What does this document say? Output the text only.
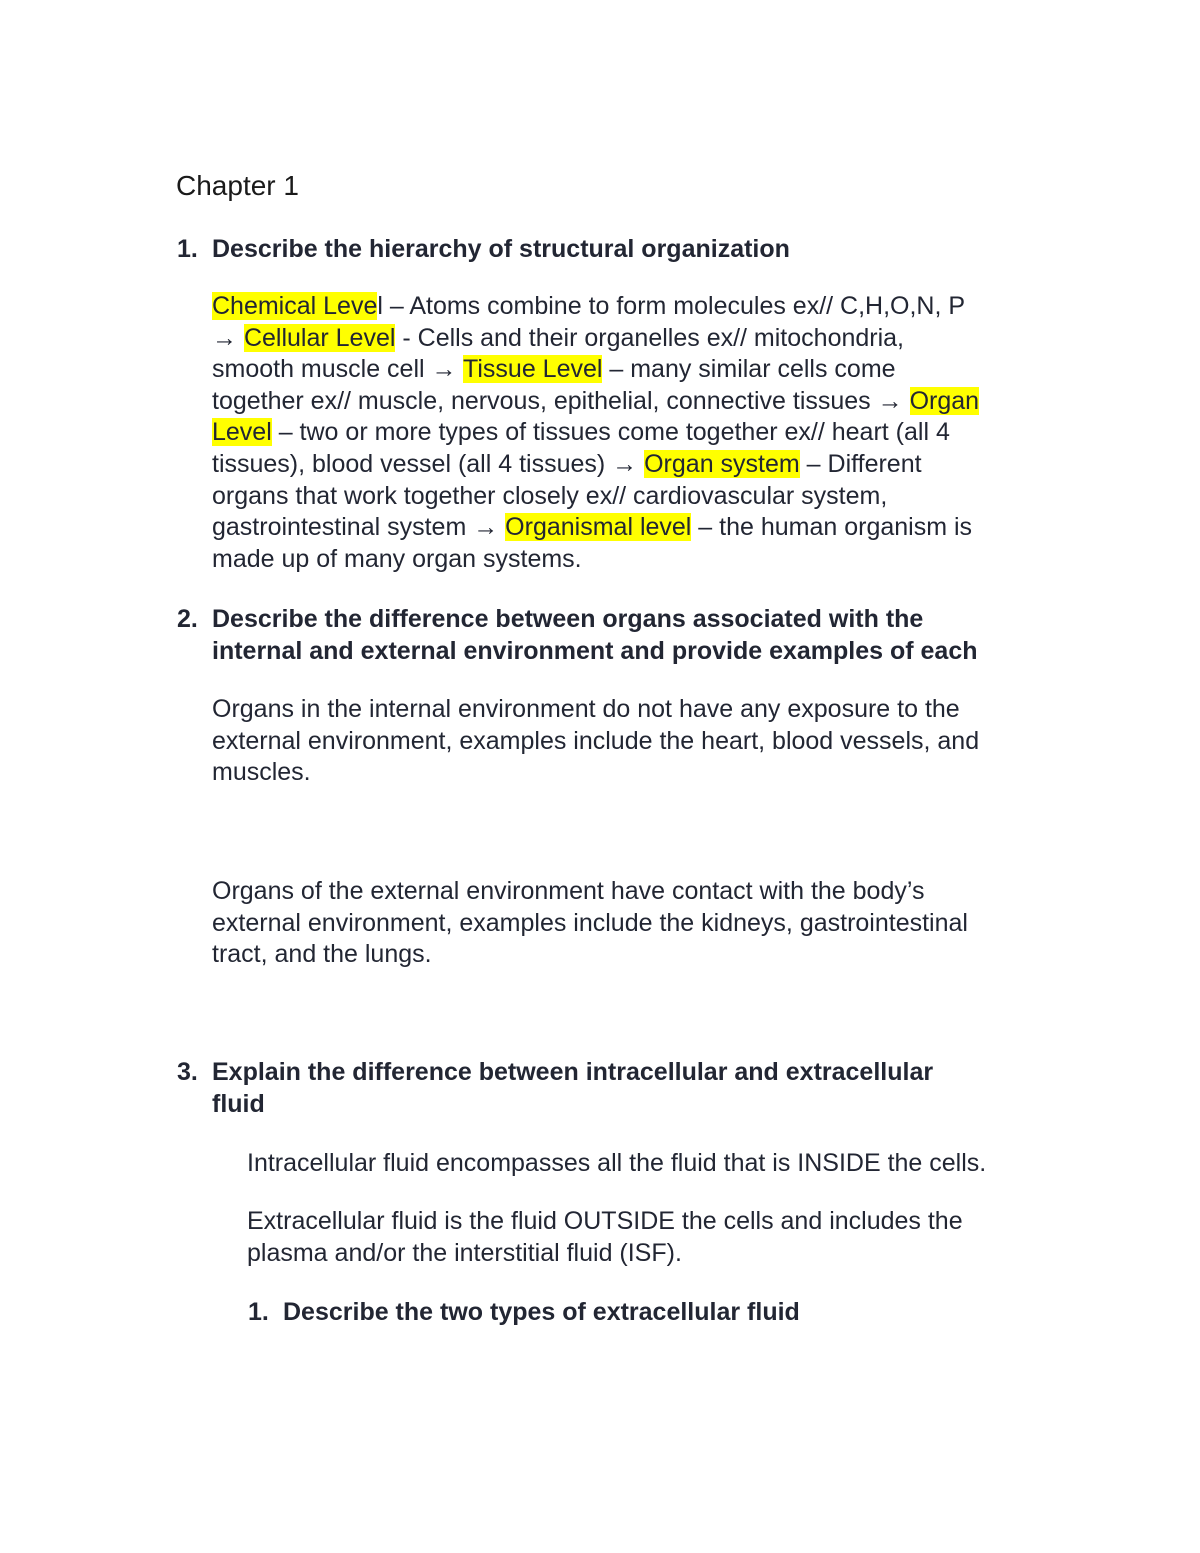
Chapter 1
1. Describe the hierarchy of structural organization
Chemical Level – Atoms combine to form molecules ex// C,H,O,N, P
→ Cellular Level - Cells and their organelles ex// mitochondria,
smooth muscle cell → Tissue Level – many similar cells come
together ex// muscle, nervous, epithelial, connective tissues → Organ
Level – two or more types of tissues come together ex// heart (all 4
tissues), blood vessel (all 4 tissues) → Organ system – Different
organs that work together closely ex// cardiovascular system,
gastrointestinal system → Organismal level – the human organism is
made up of many organ systems.
2. Describe the difference between organs associated with the
internal and external environment and provide examples of each
Organs in the internal environment do not have any exposure to the
external environment, examples include the heart, blood vessels, and
muscles.
Organs of the external environment have contact with the body’s
external environment, examples include the kidneys, gastrointestinal
tract, and the lungs.
3. Explain the difference between intracellular and extracellular
fluid
Intracellular fluid encompasses all the fluid that is INSIDE the cells.
Extracellular fluid is the fluid OUTSIDE the cells and includes the
plasma and/or the interstitial fluid (ISF).
1. Describe the two types of extracellular fluid
